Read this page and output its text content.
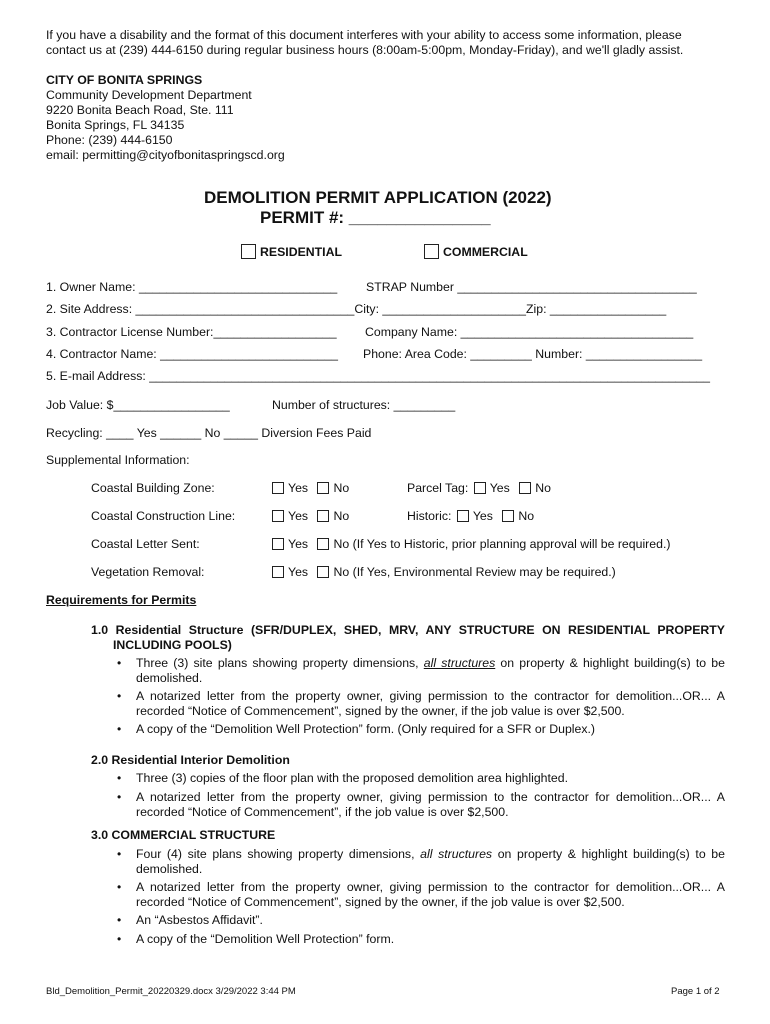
If you have a disability and the format of this document interferes with your ability to access some information, please
contact us at (239) 444-6150 during regular business hours (8:00am-5:00pm, Monday-Friday), and we'll gladly assist.
CITY OF BONITA SPRINGS
Community Development Department
9220 Bonita Beach Road, Ste. 111
Bonita Springs, FL 34135
Phone: (239) 444-6150
email: permitting@cityofbonitaspringscd.org
DEMOLITION PERMIT APPLICATION (2022)
PERMIT #: _______________
RESIDENTIAL	COMMERCIAL
1. Owner Name: _____________________________ STRAP Number ___________________________________
2. Site Address: ________________________________City: _____________________Zip: _________________
3. Contractor License Number:__________________ Company Name: __________________________________
4. Contractor Name: __________________________ Phone: Area Code: _________ Number: _________________
5. E-mail Address: __________________________________________________________________________________
Job Value: $_________________	Number of structures: _________
Recycling: ____ Yes ______ No _____ Diversion Fees Paid
Supplemental Information:
Coastal Building Zone:	Yes No	Parcel Tag: Yes No
Coastal Construction Line:	Yes No	Historic: Yes No
Coastal Letter Sent:	Yes No (If Yes to Historic, prior planning approval will be required.)
Vegetation Removal:	Yes No (If Yes, Environmental Review may be required.)
Requirements for Permits
1.0 Residential Structure (SFR/DUPLEX, SHED, MRV, ANY STRUCTURE ON RESIDENTIAL PROPERTY
INCLUDING POOLS)
• Three (3) site plans showing property dimensions, all structures on property & highlight building(s) to be demolished.
• A notarized letter from the property owner, giving permission to the contractor for demolition...OR... A recorded “Notice of Commencement”, signed by the owner, if the job value is over $2,500.
• A copy of the “Demolition Well Protection” form. (Only required for a SFR or Duplex.)
2.0 Residential Interior Demolition
• Three (3) copies of the floor plan with the proposed demolition area highlighted.
• A notarized letter from the property owner, giving permission to the contractor for demolition...OR... A recorded “Notice of Commencement”, if the job value is over $2,500.
3.0 COMMERCIAL STRUCTURE
• Four (4) site plans showing property dimensions, all structures on property & highlight building(s) to be demolished.
• A notarized letter from the property owner, giving permission to the contractor for demolition...OR... A recorded “Notice of Commencement”, signed by the owner, if the job value is over $2,500.
• An “Asbestos Affidavit”.
• A copy of the “Demolition Well Protection” form.
Bld_Demolition_Permit_20220329.docx 3/29/2022 3:44 PM	Page 1 of 2
